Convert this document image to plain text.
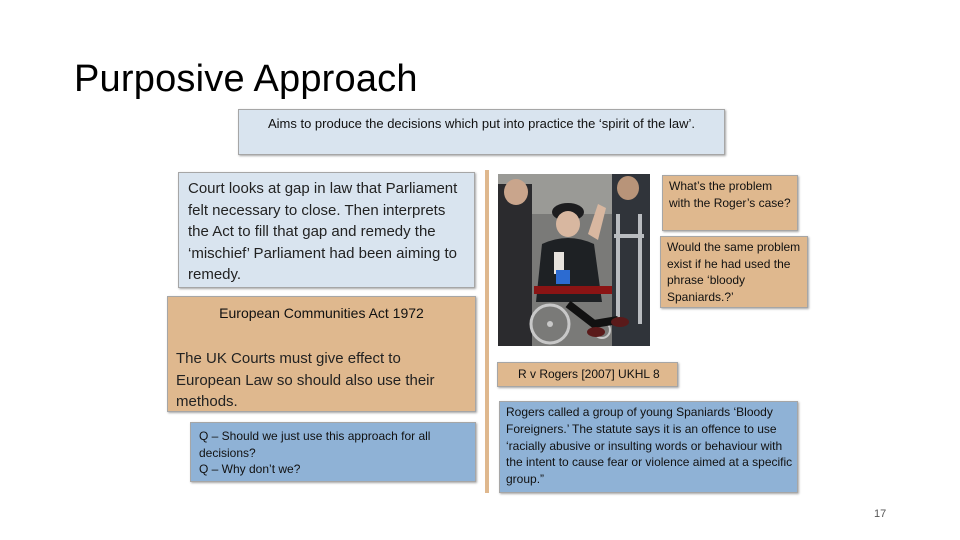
Purposive Approach
Aims to produce the decisions which put into practice the ‘spirit of the law’.
Court looks at gap in law that Parliament felt necessary to close. Then interprets the Act to fill that gap and remedy the ‘mischief’ Parliament had been aiming to remedy.
European Communities Act 1972
The UK Courts must give effect to European Law so should also use their methods.
Q – Should we just use this approach for all decisions?
Q – Why don’t we?
What’s the problem with the Roger’s case?
Would the same problem exist if he had used the phrase ‘bloody Spaniards.?’
R v Rogers [2007] UKHL 8
Rogers called a group of young Spaniards ‘Bloody Foreigners.’ The statute says it is an offence to use ‘racially abusive or insulting words or behaviour with the intent to cause fear or violence aimed at a specific group.”
17
